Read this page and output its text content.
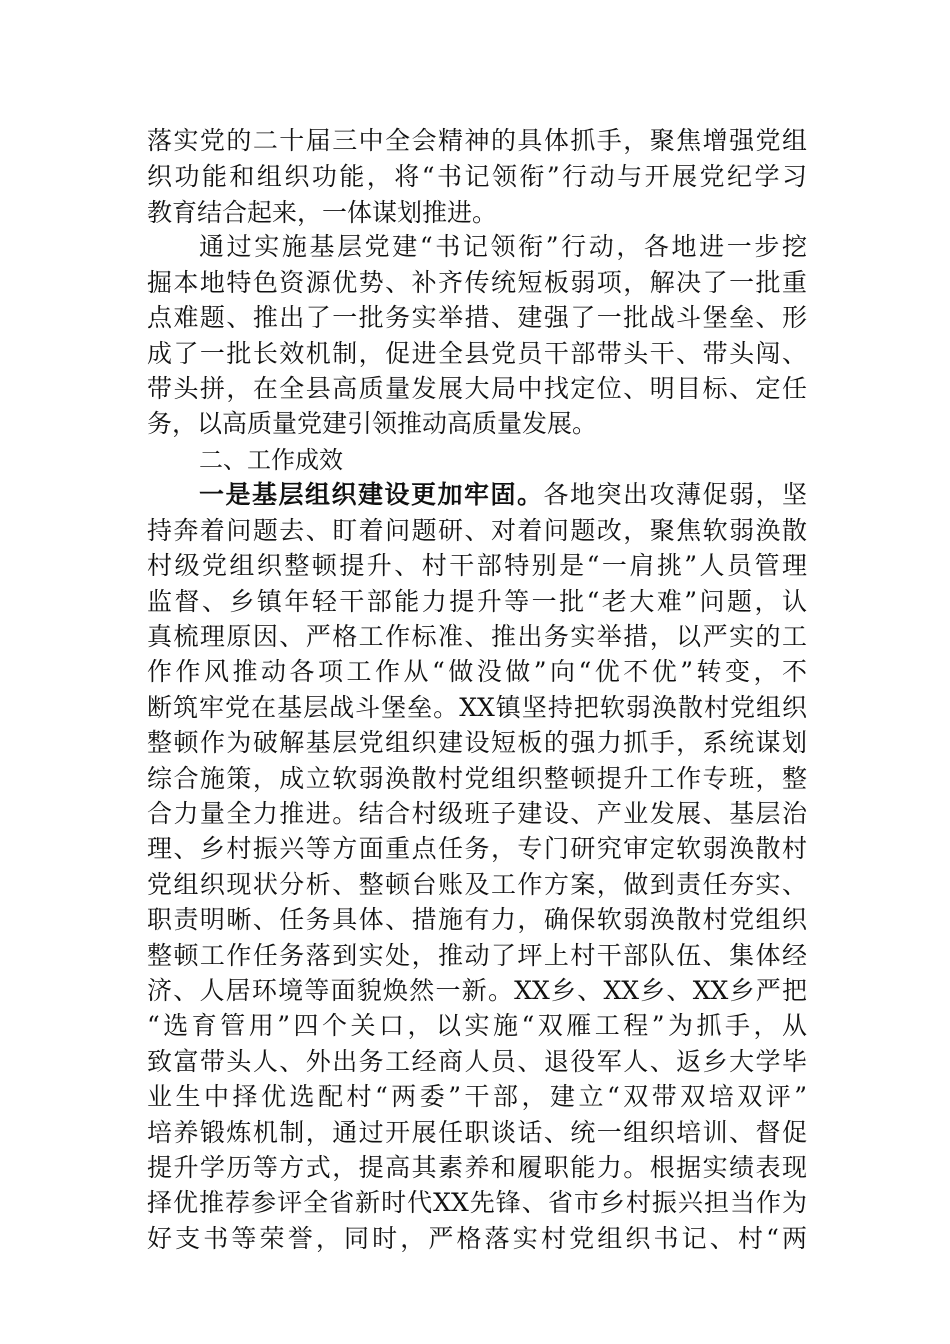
落实党的二十届三中全会精神的具体抓手，聚焦增强党组
织功能和组织功能，将“书记领衔”行动与开展党纪学习
教育结合起来，一体谋划推进。
通过实施基层党建“书记领衔”行动，各地进一步挖
掘本地特色资源优势、补齐传统短板弱项，解决了一批重
点难题、推出了一批务实举措、建强了一批战斗堡垒、形
成了一批长效机制，促进全县党员干部带头干、带头闯、
带头拼，在全县高质量发展大局中找定位、明目标、定任
务，以高质量党建引领推动高质量发展。
二、工作成效
一是基层组织建设更加牢固。各地突出攻薄促弱，坚
持奔着问题去、盯着问题研、对着问题改，聚焦软弱涣散
村级党组织整顿提升、村干部特别是“一肩挑”人员管理
监督、乡镇年轻干部能力提升等一批“老大难”问题，认
真梳理原因、严格工作标准、推出务实举措，以严实的工
作作风推动各项工作从“做没做”向“优不优”转变，不
断筑牢党在基层战斗堡垒。XX镇坚持把软弱涣散村党组织
整顿作为破解基层党组织建设短板的强力抓手，系统谋划
综合施策，成立软弱涣散村党组织整顿提升工作专班，整
合力量全力推进。结合村级班子建设、产业发展、基层治
理、乡村振兴等方面重点任务，专门研究审定软弱涣散村
党组织现状分析、整顿台账及工作方案，做到责任夯实、
职责明晰、任务具体、措施有力，确保软弱涣散村党组织
整顿工作任务落到实处，推动了坪上村干部队伍、集体经
济、人居环境等面貌焕然一新。XX乡、XX乡、XX乡严把
“选育管用”四个关口，以实施“双雁工程”为抓手，从
致富带头人、外出务工经商人员、退役军人、返乡大学毕
业生中择优选配村“两委”干部，建立“双带双培双评”
培养锻炼机制，通过开展任职谈话、统一组织培训、督促
提升学历等方式，提高其素养和履职能力。根据实绩表现
择优推荐参评全省新时代XX先锋、省市乡村振兴担当作为
好支书等荣誉，同时，严格落实村党组织书记、村“两
